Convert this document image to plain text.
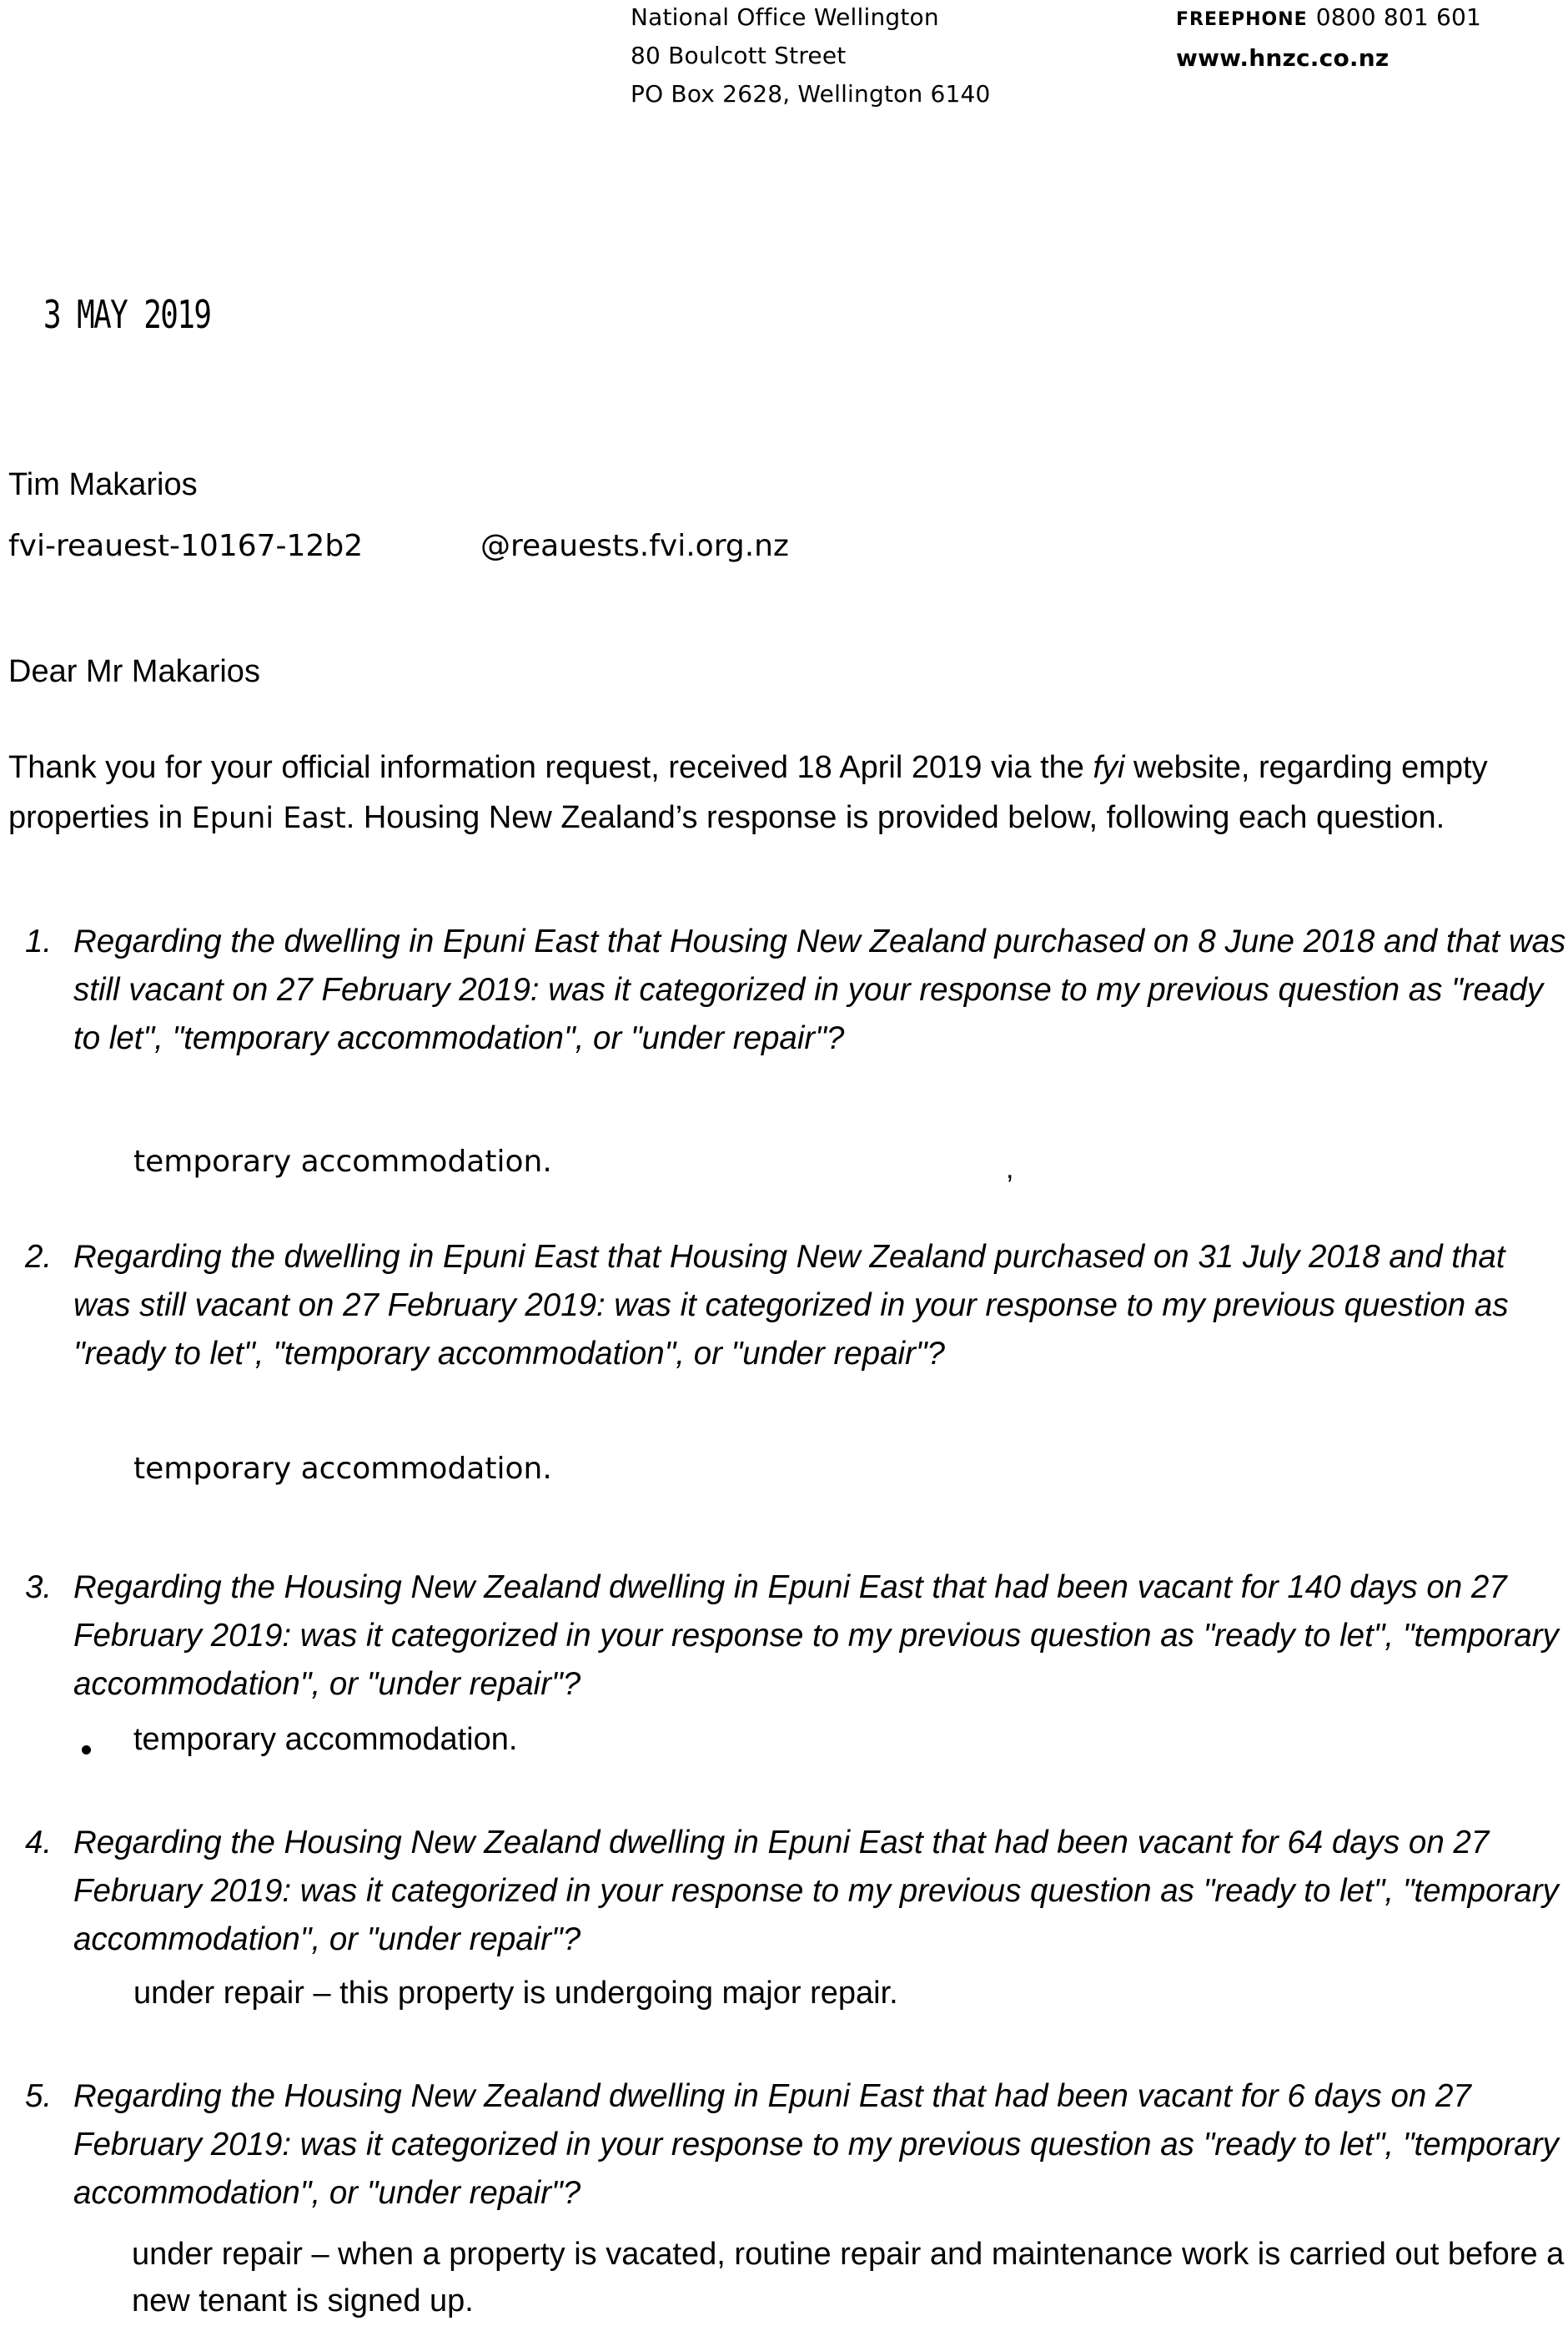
National Office Wellington
80 Boulcott Street
PO Box 2628, Wellington 6140
FREEPHONE 0800 801 601
www.hnzc.co.nz
3 MAY 2019
Tim Makarios
fvi-reauest-10167-12b2	@reauests.fvi.org.nz
Dear Mr Makarios
Thank you for your official information request, received 18 April 2019 via the fyi website, regarding empty properties in Epuni East. Housing New Zealand’s response is provided below, following each question.
1. Regarding the dwelling in Epuni East that Housing New Zealand purchased on 8 June 2018 and that was still vacant on 27 February 2019: was it categorized in your response to my previous question as "ready to let", "temporary accommodation", or "under repair"?
temporary accommodation.	,
2. Regarding the dwelling in Epuni East that Housing New Zealand purchased on 31 July 2018 and that was still vacant on 27 February 2019: was it categorized in your response to my previous question as "ready to let", "temporary accommodation", or "under repair"?
temporary accommodation.
3. Regarding the Housing New Zealand dwelling in Epuni East that had been vacant for 140 days on 27 February 2019: was it categorized in your response to my previous question as "ready to let", "temporary accommodation", or "under repair"?
temporary accommodation.
4. Regarding the Housing New Zealand dwelling in Epuni East that had been vacant for 64 days on 27 February 2019: was it categorized in your response to my previous question as "ready to let", "temporary accommodation", or "under repair"?
under repair – this property is undergoing major repair.
5. Regarding the Housing New Zealand dwelling in Epuni East that had been vacant for 6 days on 27 February 2019: was it categorized in your response to my previous question as "ready to let", "temporary accommodation", or "under repair"?
under repair – when a property is vacated, routine repair and maintenance work is carried out before a new tenant is signed up.
